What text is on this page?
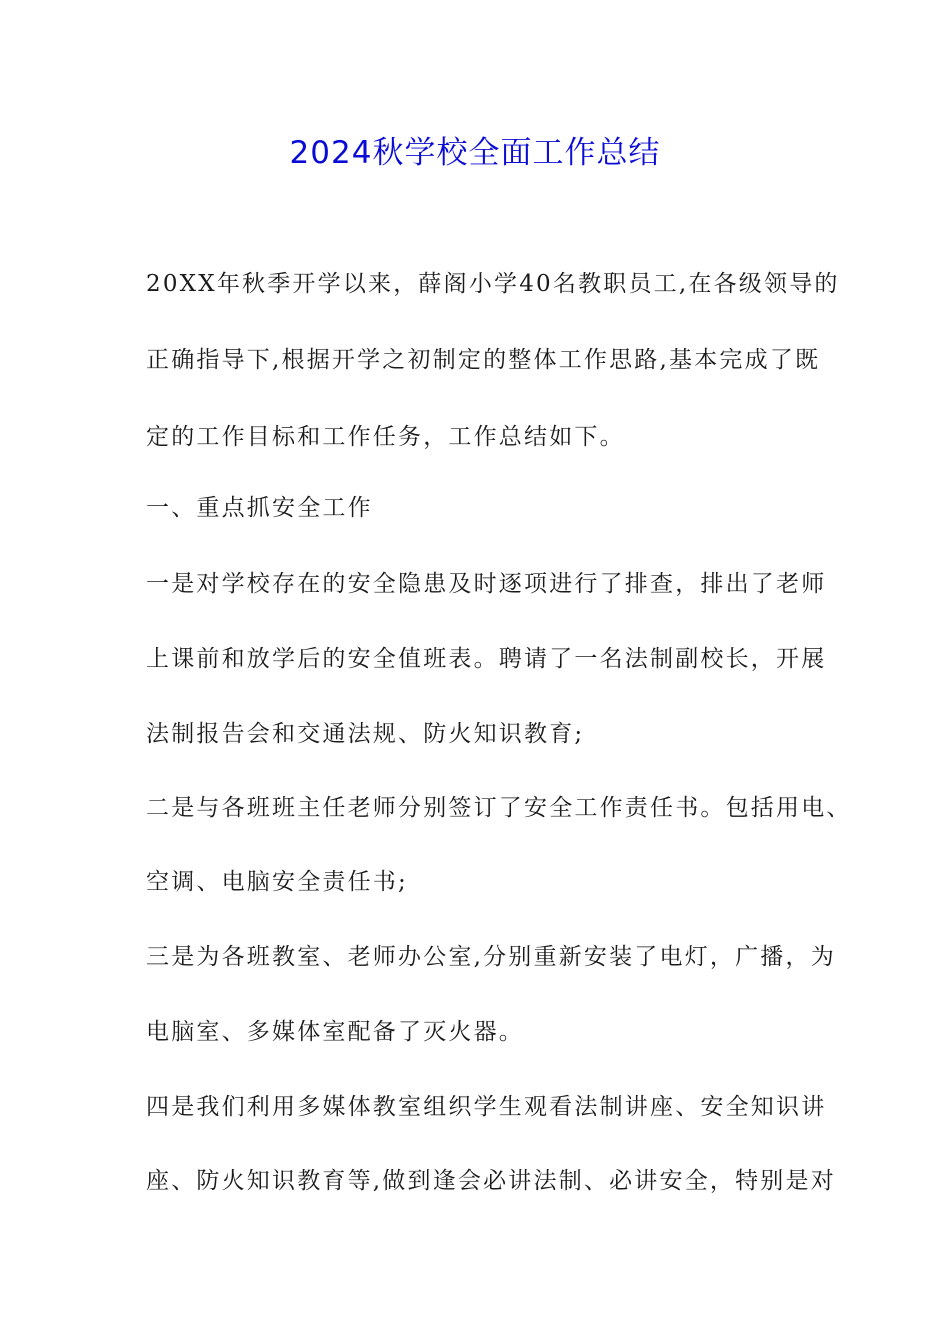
2024秋学校全面工作总结
20XX年秋季开学以来，薛阁小学40名教职员工,在各级领导的
正确指导下,根据开学之初制定的整体工作思路,基本完成了既
定的工作目标和工作任务，工作总结如下。
一、重点抓安全工作
一是对学校存在的安全隐患及时逐项进行了排查，排出了老师
上课前和放学后的安全值班表。聘请了一名法制副校长，开展
法制报告会和交通法规、防火知识教育;
二是与各班班主任老师分别签订了安全工作责任书。包括用电、
空调、电脑安全责任书;
三是为各班教室、老师办公室,分别重新安装了电灯，广播，为
电脑室、多媒体室配备了灭火器。
四是我们利用多媒体教室组织学生观看法制讲座、安全知识讲
座、防火知识教育等,做到逢会必讲法制、必讲安全，特别是对
